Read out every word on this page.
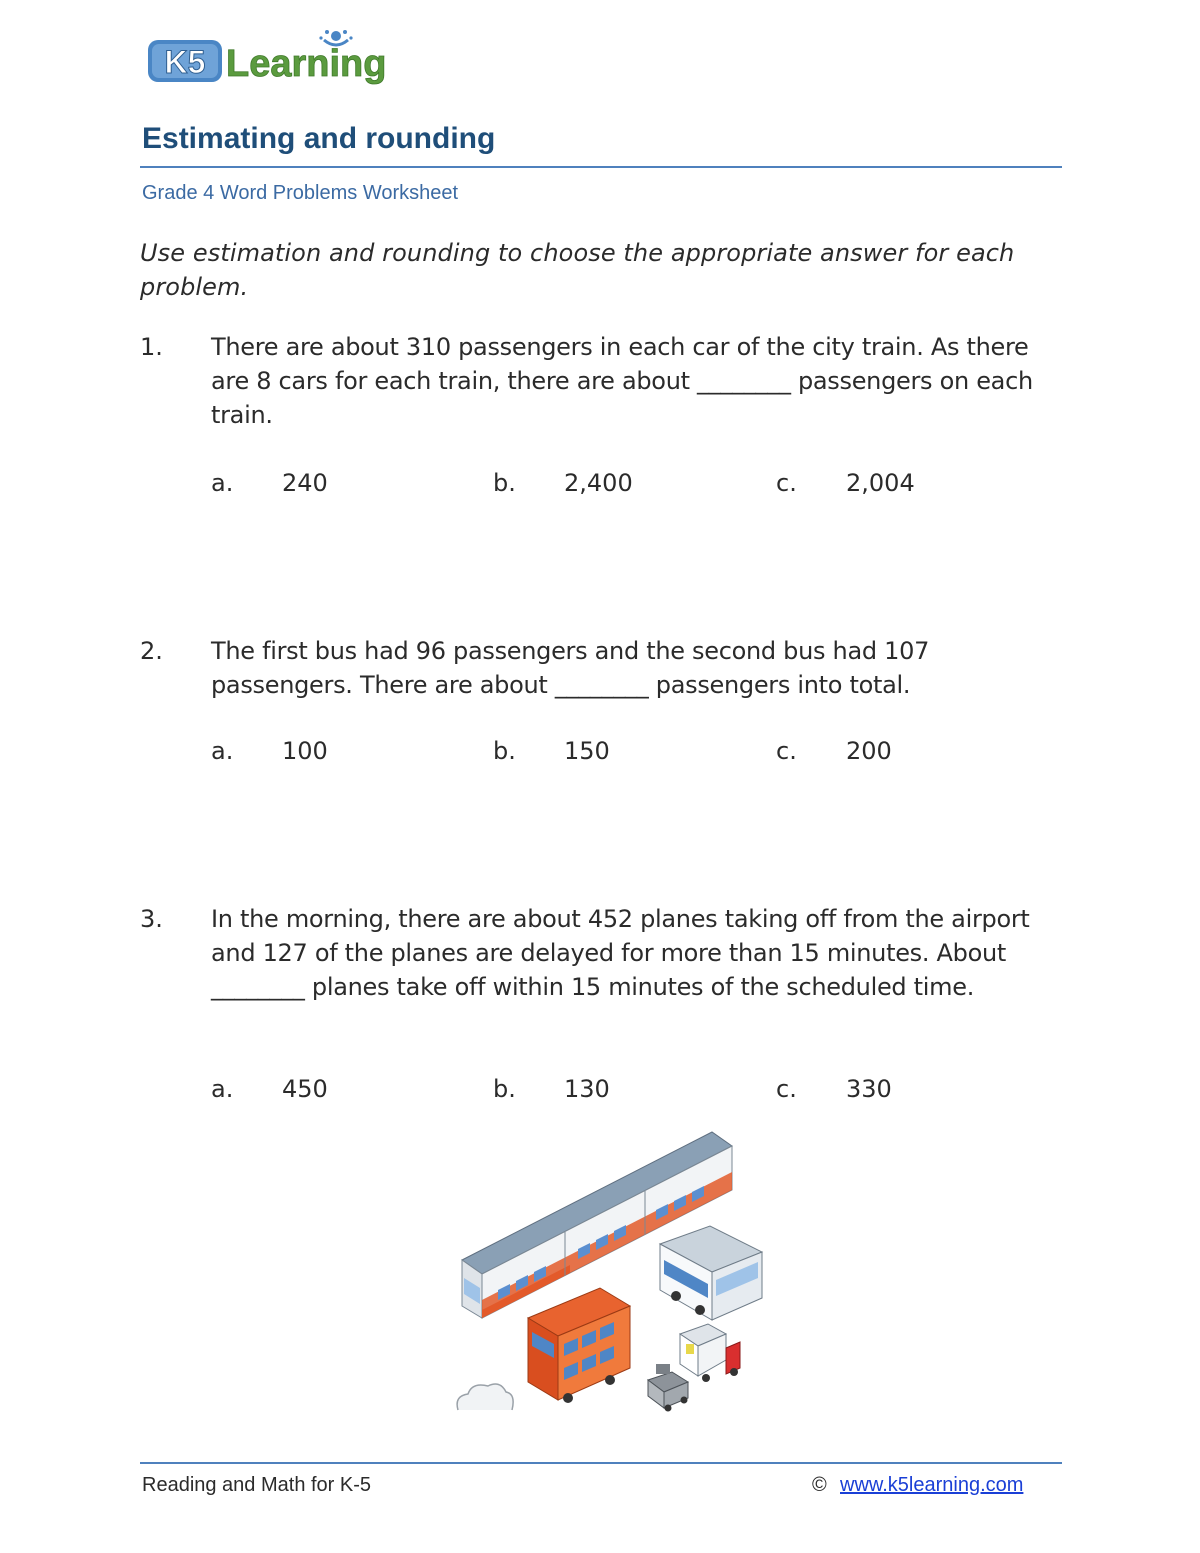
K5 Learning
Estimating and rounding
Grade 4 Word Problems Worksheet
Use estimation and rounding to choose the appropriate answer for each problem.
1. There are about 310 passengers in each car of the city train. As there are 8 cars for each train, there are about ________ passengers on each train.
a. 240	b. 2,400	c. 2,004
2. The first bus had 96 passengers and the second bus had 107 passengers. There are about ________ passengers into total.
a. 100	b. 150	c. 200
3. In the morning, there are about 452 planes taking off from the airport and 127 of the planes are delayed for more than 15 minutes. About ________ planes take off within 15 minutes of the scheduled time.
a. 450	b. 130	c. 330
Reading and Math for K-5	© www.k5learning.com
